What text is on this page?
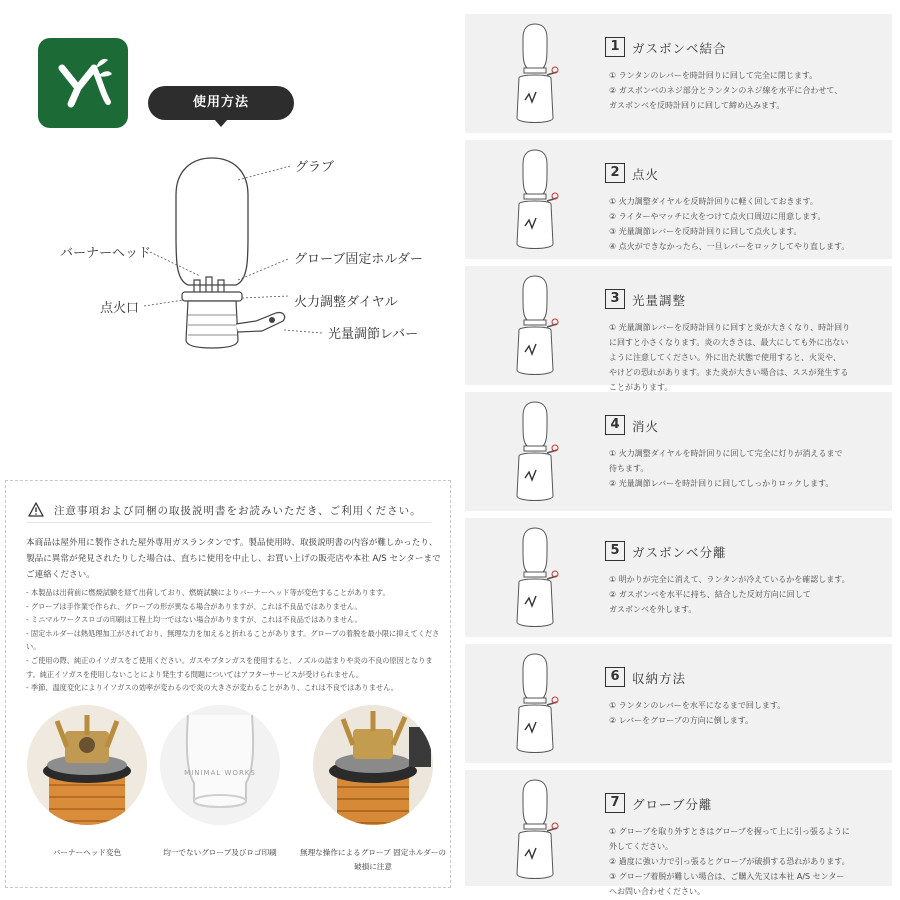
使用方法
グラブ
バーナーヘッド	グローブ固定ホルダー
火力調整ダイヤル
点火口
光量調節レバー
注意事項および同梱の取扱説明書をお読みいただき、ご利用ください。

本商品は屋外用に製作された屋外専用ガスランタンです。製品使用時、取扱説明書の内容が難しかったり、製品に異常が発見されたりした場合は、直ちに使用を中止し、お買い上げの販売店や本社 A/S センターまでご連絡ください。

- 本製品は出荷前に燃焼試験を経て出荷しており、燃焼試験によりバーナーヘッド等が変色することがあります。
- グローブは手作業で作られ、グローブの形が異なる場合がありますが、これは不良品ではありません。
- ミニマルワークスロゴの印刷は工程上均一ではない場合がありますが、これは不良品ではありません。
- 固定ホルダーは熱処理加工がされており、無理な力を加えると折れることがあります。グローブの着脱を最小限に抑えてください。
- ご使用の際、純正のイソガスをご使用ください。ガスやブタンガスを使用すると、ノズルの詰まりや炎の不良の原因となります。純正イソガスを使用しないことにより発生する問題についてはアフターサービスが受けられません。
- 季節、温度変化によりイソガスの効率が変わるので炎の大きさが変わることがあり、これは不良ではありません。
MINIMAL WORKS
バーナーヘッド変色	均一でないグローブ及びロゴ印刷	無理な操作によるグローブ 固定ホルダーの破損に注意
1 ガスボンベ結合
① ランタンのレバーを時計回りに回して完全に閉じます。
② ガスボンベのネジ部分とランタンのネジ線を水平に合わせて、
ガスボンベを反時計回りに回して締め込みます。
2 点火
① 火力調整ダイヤルを反時計回りに軽く回しておきます。
② ライターやマッチに火をつけて点火口周辺に用意します。
③ 光量調節レバーを反時計回りに回して点火します。
④ 点火ができなかったら、一旦レバーをロックしてやり直します。
3 光量調整
① 光量調節レバーを反時計回りに回すと炎が大きくなり、時計回り
に回すと小さくなります。炎の大きさは、最大にしても外に出ない
ように注意してください。外に出た状態で使用すると、火災や、
やけどの恐れがあります。また炎が大きい場合は、ススが発生する
ことがあります。
4 消火
① 火力調整ダイヤルを時計回りに回して完全に灯りが消えるまで
待ちます。
② 光量調節レバーを時計回りに回してしっかりロックします。
5 ガスボンベ分離
① 明かりが完全に消えて、ランタンが冷えているかを確認します。
② ガスボンベを水平に持ち、結合した反対方向に回して
ガスボンベを外します。
6 収納方法
① ランタンのレバーを水平になるまで回します。
② レバーをグローブの方向に倒します。
7 グローブ分離
① グローブを取り外すときはグローブを握って上に引っ張るように
外してください。
② 過度に強い力で引っ張るとグローブが破損する恐れがあります。
③ グローブ着脱が難しい場合は、ご購入先又は本社 A/S センター
へお問い合わせください。
